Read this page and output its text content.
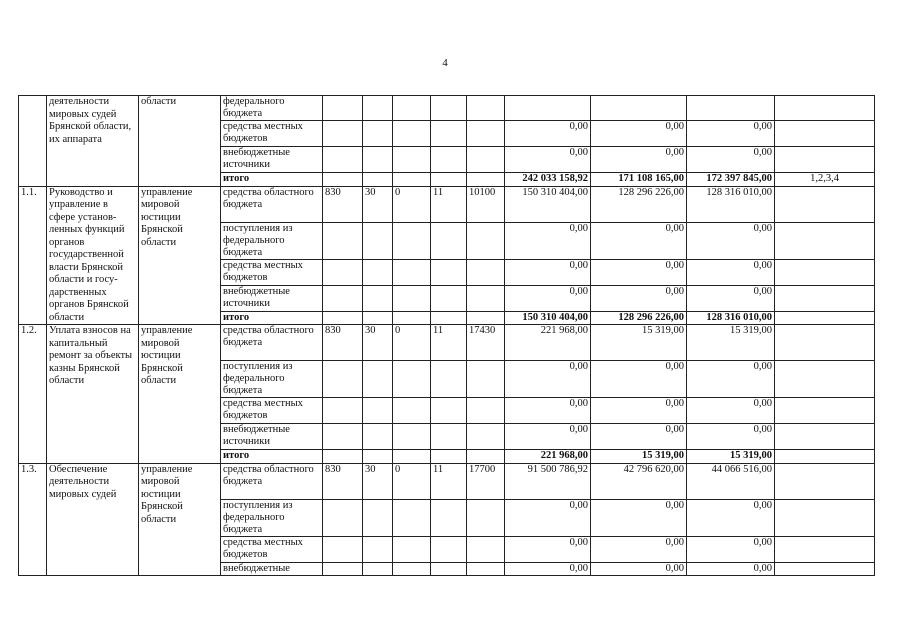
4
	деятельности мировых судей Брянской области, их аппарата	области	федерального бюджета									
			средства местных бюджетов						0,00	0,00	0,00	
			внебюджетные источники						0,00	0,00	0,00	
			итого						242 033 158,92	171 108 165,00	172 397 845,00	1,2,3,4
1.1.	Руководство и управление в сфере установ-ленных функций органов государственной власти Брянской области и госу-дарственных органов Брянской области	управление мировой юстиции Брянской области	средства областного бюджета	830	30	0	11	10100	150 310 404,00	128 296 226,00	128 316 010,00	
			поступления из федерального бюджета						0,00	0,00	0,00	
			средства местных бюджетов						0,00	0,00	0,00	
			внебюджетные источники						0,00	0,00	0,00	
			итого						150 310 404,00	128 296 226,00	128 316 010,00	
1.2.	Уплата взносов на капитальный ремонт за объекты казны Брянской области	управление мировой юстиции Брянской области	средства областного бюджета	830	30	0	11	17430	221 968,00	15 319,00	15 319,00	
			поступления из федерального бюджета						0,00	0,00	0,00	
			средства местных бюджетов						0,00	0,00	0,00	
			внебюджетные источники						0,00	0,00	0,00	
			итого						221 968,00	15 319,00	15 319,00	
1.3.	Обеспечение деятельности мировых судей	управление мировой юстиции Брянской области	средства областного бюджета	830	30	0	11	17700	91 500 786,92	42 796 620,00	44 066 516,00	
			поступления из федерального бюджета						0,00	0,00	0,00	
			средства местных бюджетов						0,00	0,00	0,00	
			внебюджетные						0,00	0,00	0,00	
